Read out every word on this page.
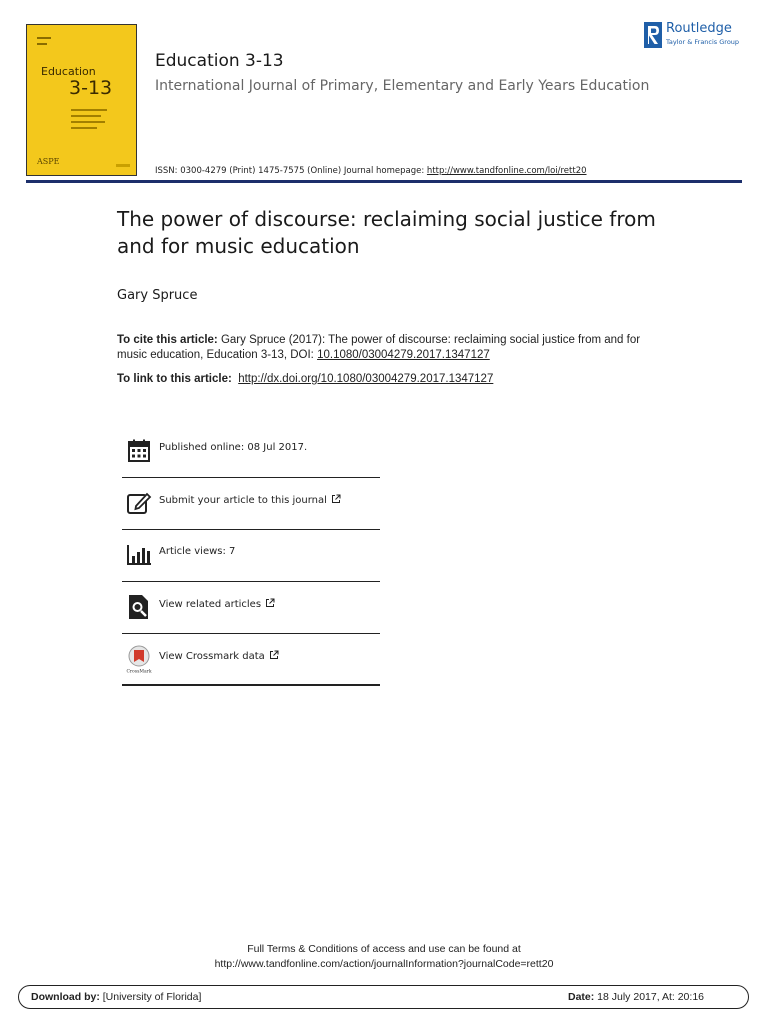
Education
3-13
ASPE
Education 3-13
International Journal of Primary, Elementary and Early Years Education
Routledge
Taylor & Francis Group
ISSN: 0300-4279 (Print) 1475-7575 (Online) Journal homepage: http://www.tandfonline.com/loi/rett20
The power of discourse: reclaiming social justice from and for music education
Gary Spruce
To cite this article: Gary Spruce (2017): The power of discourse: reclaiming social justice from and for music education, Education 3-13, DOI: 10.1080/03004279.2017.1347127
To link to this article: http://dx.doi.org/10.1080/03004279.2017.1347127
Published online: 08 Jul 2017.
Submit your article to this journal
Article views: 7
View related articles
CrossMark
View Crossmark data
Full Terms & Conditions of access and use can be found at
http://www.tandfonline.com/action/journalInformation?journalCode=rett20
Download by: [University of Florida]	Date: 18 July 2017, At: 20:16
